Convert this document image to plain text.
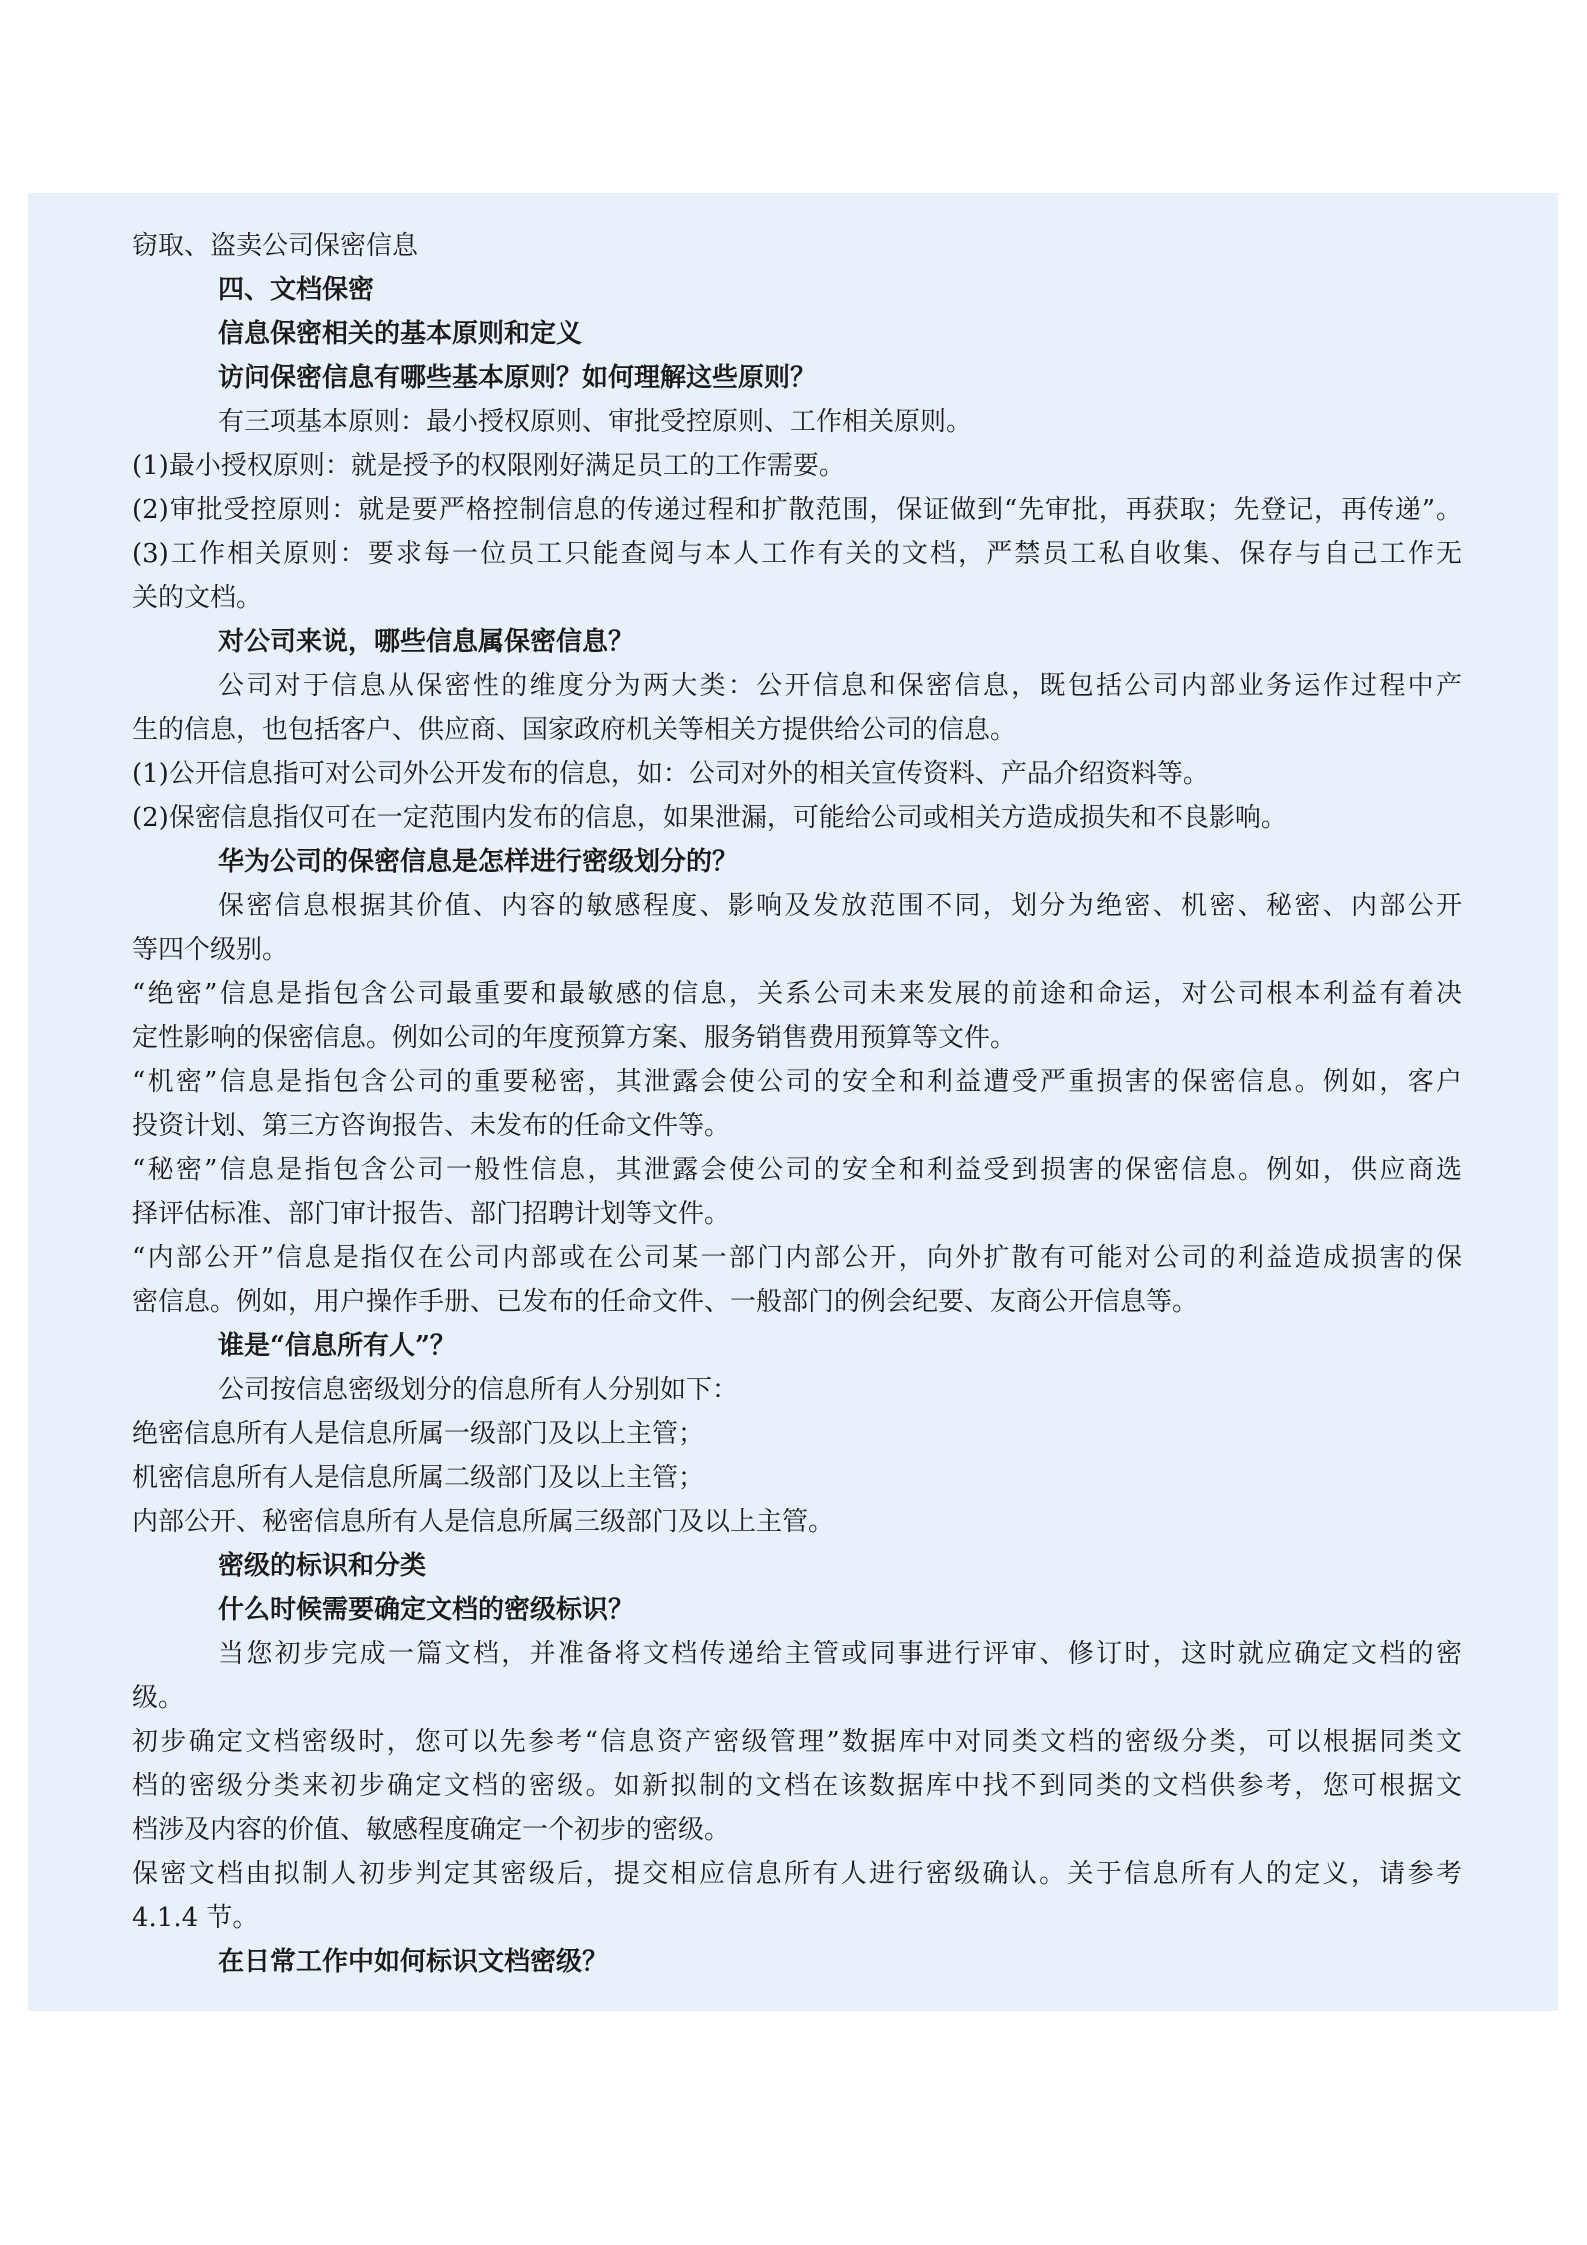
窃取、盗卖公司保密信息
四、文档保密
信息保密相关的基本原则和定义
访问保密信息有哪些基本原则？如何理解这些原则？
有三项基本原则：最小授权原则、审批受控原则、工作相关原则。
(1)最小授权原则：就是授予的权限刚好满足员工的工作需要。
(2)审批受控原则：就是要严格控制信息的传递过程和扩散范围，保证做到“先审批，再获取；先登记，再传递”。
(3)工作相关原则：要求每一位员工只能查阅与本人工作有关的文档，严禁员工私自收集、保存与自己工作无
关的文档。
对公司来说，哪些信息属保密信息？
公司对于信息从保密性的维度分为两大类：公开信息和保密信息，既包括公司内部业务运作过程中产
生的信息，也包括客户、供应商、国家政府机关等相关方提供给公司的信息。
(1)公开信息指可对公司外公开发布的信息，如：公司对外的相关宣传资料、产品介绍资料等。
(2)保密信息指仅可在一定范围内发布的信息，如果泄漏，可能给公司或相关方造成损失和不良影响。
华为公司的保密信息是怎样进行密级划分的？
保密信息根据其价值、内容的敏感程度、影响及发放范围不同，划分为绝密、机密、秘密、内部公开
等四个级别。
“绝密”信息是指包含公司最重要和最敏感的信息，关系公司未来发展的前途和命运，对公司根本利益有着决
定性影响的保密信息。例如公司的年度预算方案、服务销售费用预算等文件。
“机密”信息是指包含公司的重要秘密，其泄露会使公司的安全和利益遭受严重损害的保密信息。例如，客户
投资计划、第三方咨询报告、未发布的任命文件等。
“秘密”信息是指包含公司一般性信息，其泄露会使公司的安全和利益受到损害的保密信息。例如，供应商选
择评估标准、部门审计报告、部门招聘计划等文件。
“内部公开”信息是指仅在公司内部或在公司某一部门内部公开，向外扩散有可能对公司的利益造成损害的保
密信息。例如，用户操作手册、已发布的任命文件、一般部门的例会纪要、友商公开信息等。
谁是“信息所有人”？
公司按信息密级划分的信息所有人分别如下：
绝密信息所有人是信息所属一级部门及以上主管；
机密信息所有人是信息所属二级部门及以上主管；
内部公开、秘密信息所有人是信息所属三级部门及以上主管。
密级的标识和分类
什么时候需要确定文档的密级标识？
当您初步完成一篇文档，并准备将文档传递给主管或同事进行评审、修订时，这时就应确定文档的密
级。
初步确定文档密级时，您可以先参考“信息资产密级管理”数据库中对同类文档的密级分类，可以根据同类文
档的密级分类来初步确定文档的密级。如新拟制的文档在该数据库中找不到同类的文档供参考，您可根据文
档涉及内容的价值、敏感程度确定一个初步的密级。
保密文档由拟制人初步判定其密级后，提交相应信息所有人进行密级确认。关于信息所有人的定义，请参考
4.1.4 节。
在日常工作中如何标识文档密级？
